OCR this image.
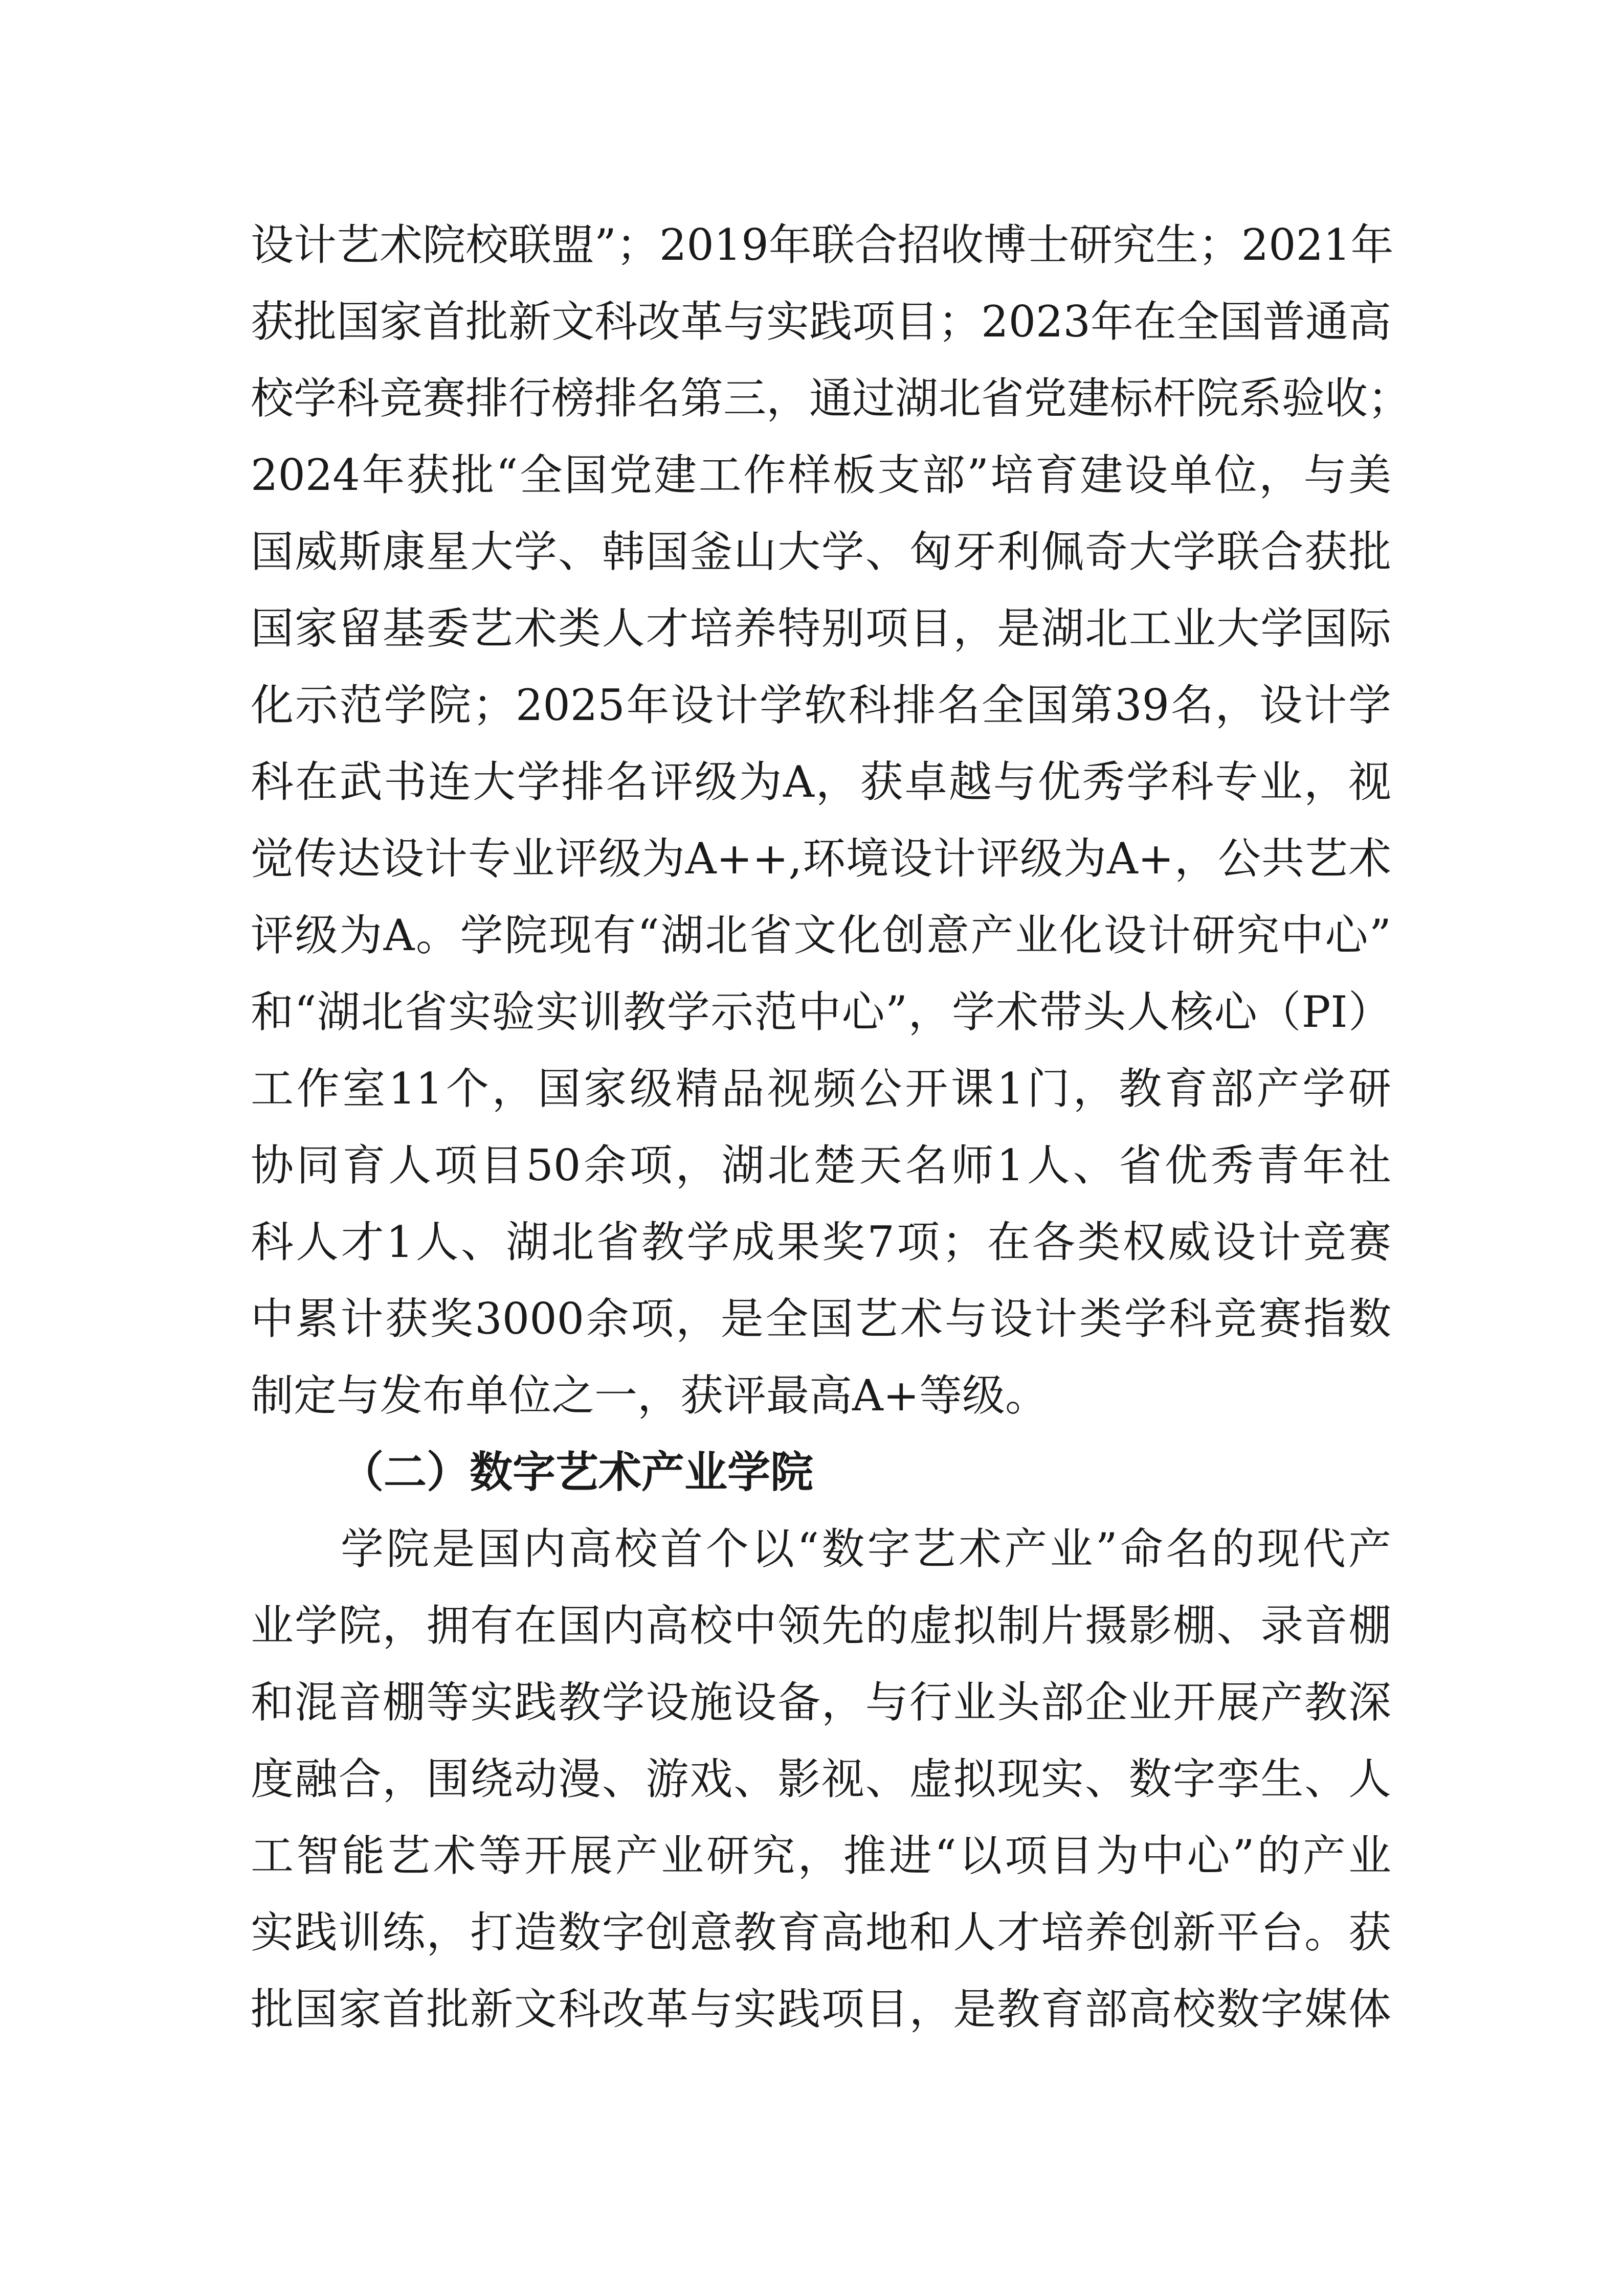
设计艺术院校联盟”；2019年联合招收博士研究生；2021年
获批国家首批新文科改革与实践项目；2023年在全国普通高
校学科竞赛排行榜排名第三，通过湖北省党建标杆院系验收；
2024年获批“全国党建工作样板支部”培育建设单位，与美
国威斯康星大学、韩国釜山大学、匈牙利佩奇大学联合获批
国家留基委艺术类人才培养特别项目，是湖北工业大学国际
化示范学院；2025年设计学软科排名全国第39名，设计学
科在武书连大学排名评级为A，获卓越与优秀学科专业，视
觉传达设计专业评级为A++,环境设计评级为A+，公共艺术
评级为A。学院现有“湖北省文化创意产业化设计研究中心”
和“湖北省实验实训教学示范中心”，学术带头人核心（PI）
工作室11个，国家级精品视频公开课1门，教育部产学研
协同育人项目50余项，湖北楚天名师1人、省优秀青年社
科人才1人、湖北省教学成果奖7项；在各类权威设计竞赛
中累计获奖3000余项，是全国艺术与设计类学科竞赛指数
制定与发布单位之一，获评最高A+等级。
（二）数字艺术产业学院
学院是国内高校首个以“数字艺术产业”命名的现代产
业学院，拥有在国内高校中领先的虚拟制片摄影棚、录音棚
和混音棚等实践教学设施设备，与行业头部企业开展产教深
度融合，围绕动漫、游戏、影视、虚拟现实、数字孪生、人
工智能艺术等开展产业研究，推进“以项目为中心”的产业
实践训练，打造数字创意教育高地和人才培养创新平台。获
批国家首批新文科改革与实践项目，是教育部高校数字媒体
